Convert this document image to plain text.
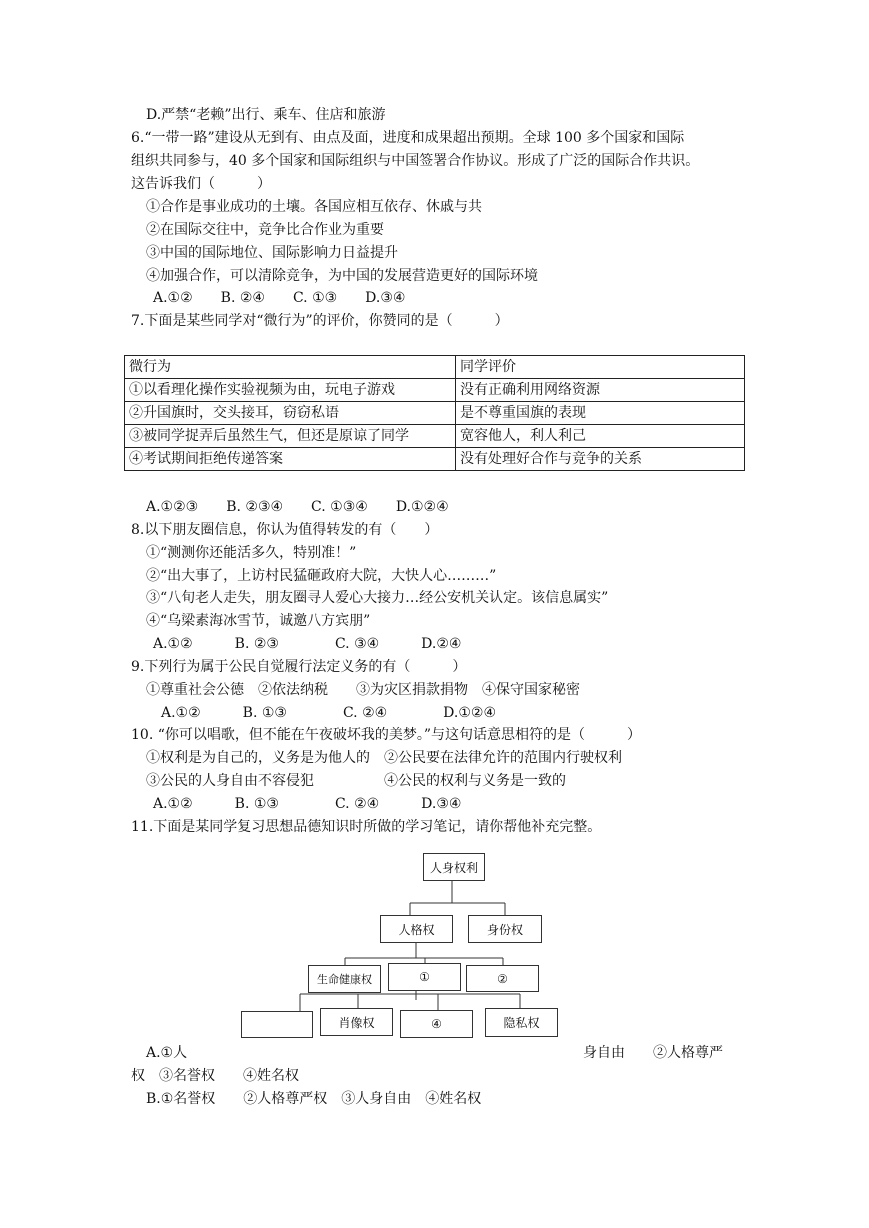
D.严禁“老赖”出行、乘车、住店和旅游
6.“一带一路”建设从无到有、由点及面，进度和成果超出预期。全球 100 多个国家和国际
组织共同参与，40 多个国家和国际组织与中国签署合作协议。形成了广泛的国际合作共识。
这告诉我们（　　　）
①合作是事业成功的土壤。各国应相互依存、休戚与共
②在国际交往中，竞争比合作业为重要
③中国的国际地位、国际影响力日益提升
④加强合作，可以清除竞争，为中国的发展营造更好的国际环境
A.①②　　B. ②④　　C. ①③　　D.③④
7.下面是某些同学对“微行为”的评价，你赞同的是（　　　）
微行为	同学评价
①以看理化操作实验视频为由，玩电子游戏	没有正确利用网络资源
②升国旗时，交头接耳，窃窃私语	是不尊重国旗的表现
③被同学捉弄后虽然生气，但还是原谅了同学	宽容他人，利人利己
④考试期间拒绝传递答案	没有处理好合作与竞争的关系
A.①②③　　B. ②③④　　C. ①③④　　D.①②④
8.以下朋友圈信息，你认为值得转发的有（　　）
①“测测你还能活多久，特别准！”
②“出大事了，上访村民猛砸政府大院，大快人心………”
③“八旬老人走失，朋友圈寻人爱心大接力…经公安机关认定。该信息属实”
④“乌梁素海冰雪节，诚邀八方宾朋”
A.①②　　　B. ②③　　　　C. ③④　　　D.②④
9.下列行为属于公民自觉履行法定义务的有（　　　）
①尊重社会公德　②依法纳税　　③为灾区捐款捐物　④保守国家秘密
A.①②　　　B. ①③　　　　C. ②④　　　　D.①②④
10. “你可以唱歌，但不能在午夜破坏我的美梦。”与这句话意思相符的是（　　　）
①权利是为自己的，义务是为他人的　②公民要在法律允许的范围内行驶权利
③公民的人身自由不容侵犯　　　　　④公民的权利与义务是一致的
A.①②　　　B. ①③　　　　C. ②④　　　D.③④
11.下面是某同学复习思想品德知识时所做的学习笔记，请你帮他补充完整。
人身权利
人格权	身份权
生命健康权	①	②
肖像权	④	隐私权
A.①人	身自由　　②人格尊严
权　③名誉权　　④姓名权
B.①名誉权　　②人格尊严权　③人身自由　④姓名权
